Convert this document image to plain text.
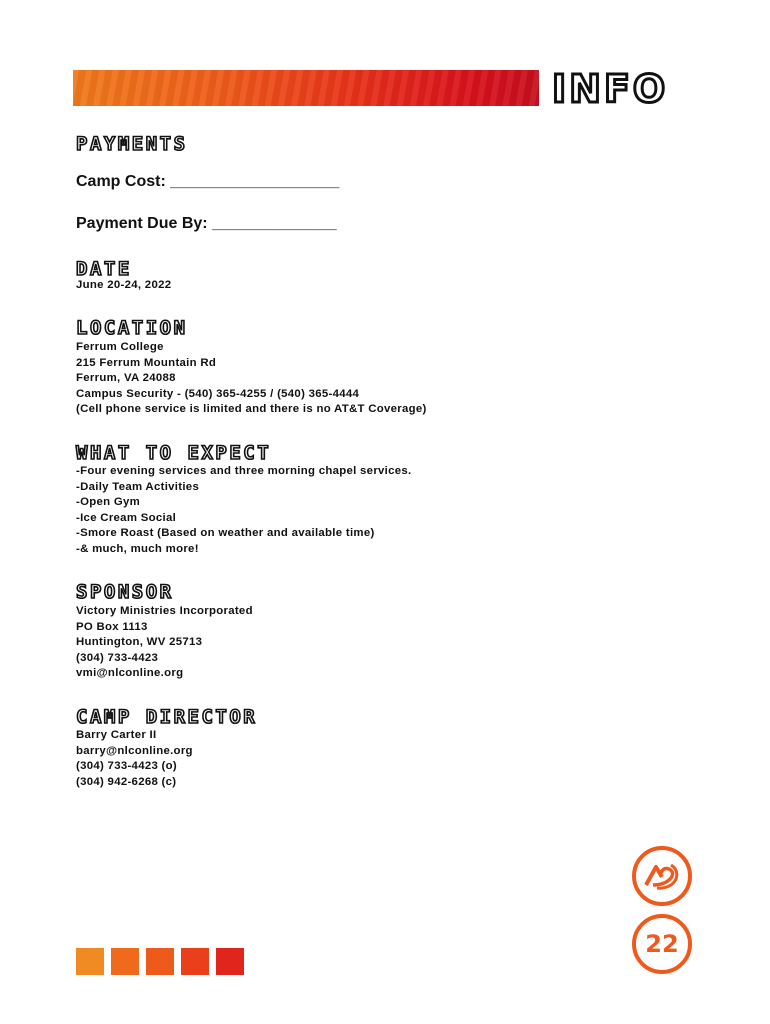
INFO
PAYMENTS
Camp Cost: ___________________
Payment Due By: ______________
DATE
June 20-24, 2022
LOCATION
Ferrum College
215 Ferrum Mountain Rd
Ferrum, VA 24088
Campus Security - (540) 365-4255 / (540) 365-4444
(Cell phone service is limited and there is no AT&T Coverage)
WHAT TO EXPECT
-Four evening services and three morning chapel services.
-Daily Team Activities
-Open Gym
-Ice Cream Social
-Smore Roast (Based on weather and available time)
-& much, much more!
SPONSOR
Victory Ministries Incorporated
PO Box 1113
Huntington, WV 25713
(304) 733-4423
vmi@nlconline.org
CAMP DIRECTOR
Barry Carter II
barry@nlconline.org
(304) 733-4423 (o)
(304) 942-6268 (c)
22
